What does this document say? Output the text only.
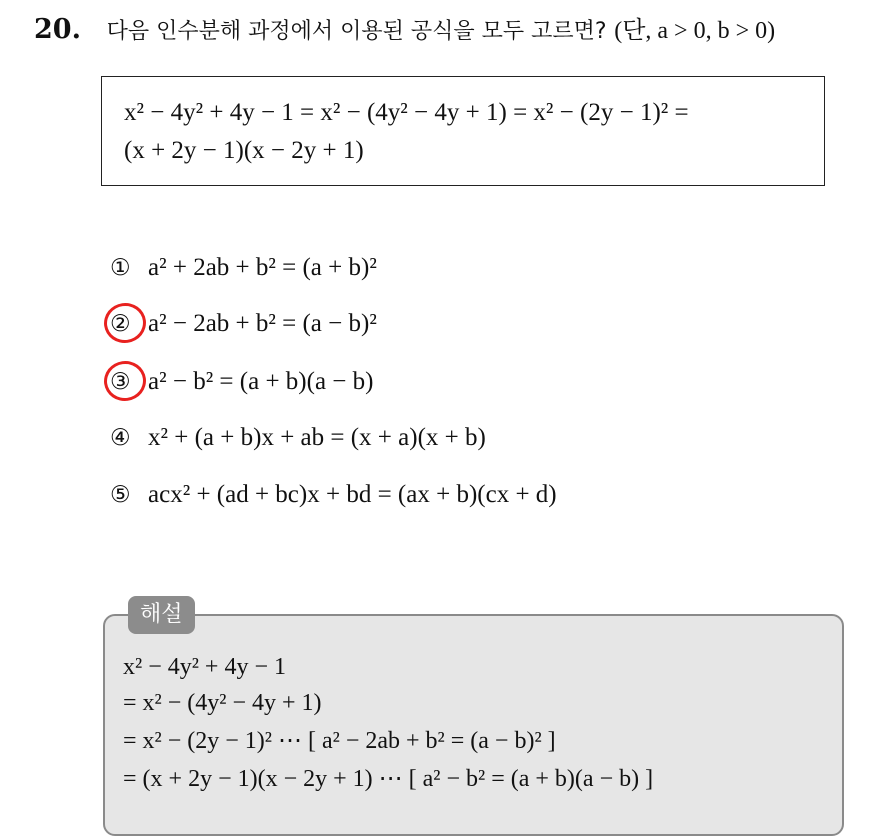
20. 다음 인수분해 과정에서 이용된 공식을 모두 고르면? (단, a > 0, b > 0)
x² − 4y² + 4y − 1 = x² − (4y² − 4y + 1) = x² − (2y − 1)² =
(x + 2y − 1)(x − 2y + 1)
① a² + 2ab + b² = (a + b)²
② a² − 2ab + b² = (a − b)²
③ a² − b² = (a + b)(a − b)
④ x² + (a + b)x + ab = (x + a)(x + b)
⑤ acx² + (ad + bc)x + bd = (ax + b)(cx + d)
해설
x² − 4y² + 4y − 1
= x² − (4y² − 4y + 1)
= x² − (2y − 1)² ⋯ [ a² − 2ab + b² = (a − b)² ]
= (x + 2y − 1)(x − 2y + 1) ⋯ [ a² − b² = (a + b)(a − b) ]
